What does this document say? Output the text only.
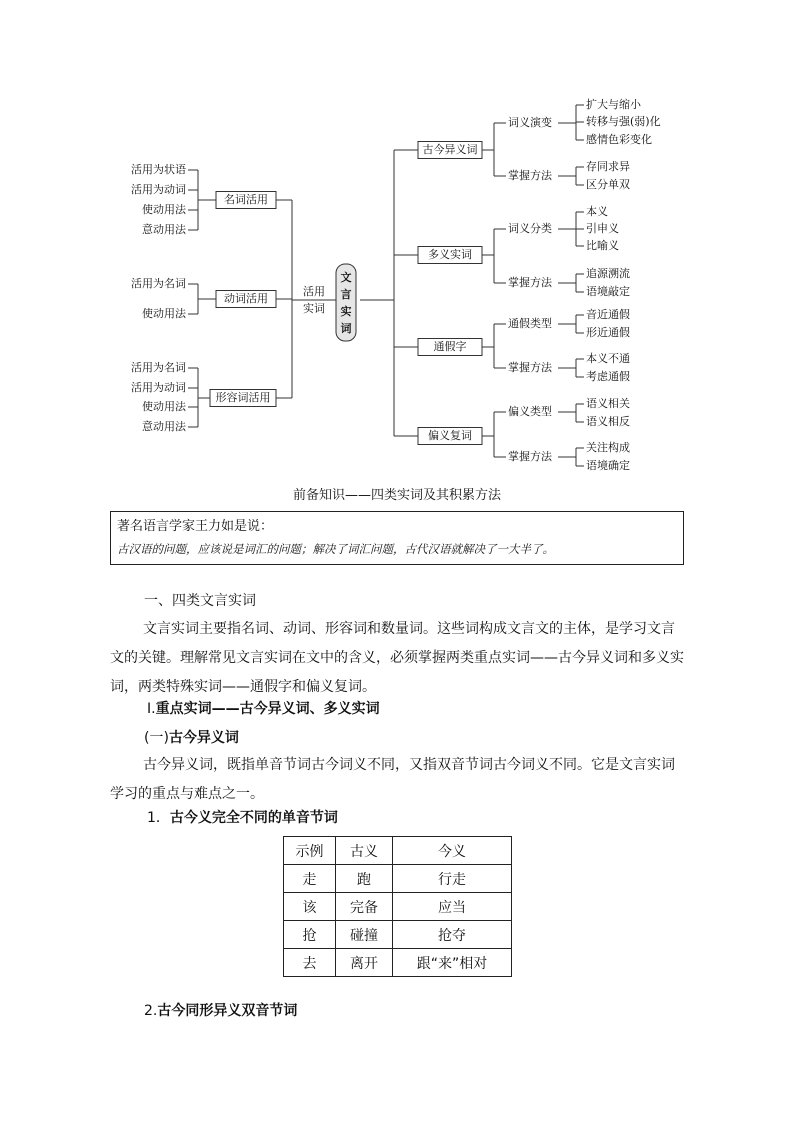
文
言
实
词
活用
实词
名词活用
活用为状语
活用为动词
使动用法
意动用法
动词活用
活用为名词
使动用法
形容词活用
活用为名词
活用为动词
使动用法
意动用法
古今异义词
词义演变
扩大与缩小
转移与强(弱)化
感情色彩变化
掌握方法
存同求异
区分单双
多义实词
词义分类
本义
引申义
比喻义
掌握方法
追源溯流
语境敲定
通假字
通假类型
音近通假
形近通假
掌握方法
本义不通
考虑通假
偏义复词
偏义类型
语义相关
语义相反
掌握方法
关注构成
语境确定
前备知识——四类实词及其积累方法
著名语言学家王力如是说：
古汉语的问题，应该说是词汇的问题；解决了词汇问题，古代汉语就解决了一大半了。
一、四类文言实词
文言实词主要指名词、动词、形容词和数量词。这些词构成文言文的主体，是学习文言文的关键。理解常见文言实词在文中的含义，必须掌握两类重点实词——古今异义词和多义实词，两类特殊实词——通假字和偏义复词。
Ⅰ.重点实词——古今异义词、多义实词
(一)古今异义词
古今异义词，既指单音节词古今词义不同，又指双音节词古今词义不同。它是文言实词学习的重点与难点之一。
1．古今义完全不同的单音节词
示例	古义	今义
走	跑	行走
该	完备	应当
抢	碰撞	抢夺
去	离开	跟“来”相对
2.古今同形异义双音节词
